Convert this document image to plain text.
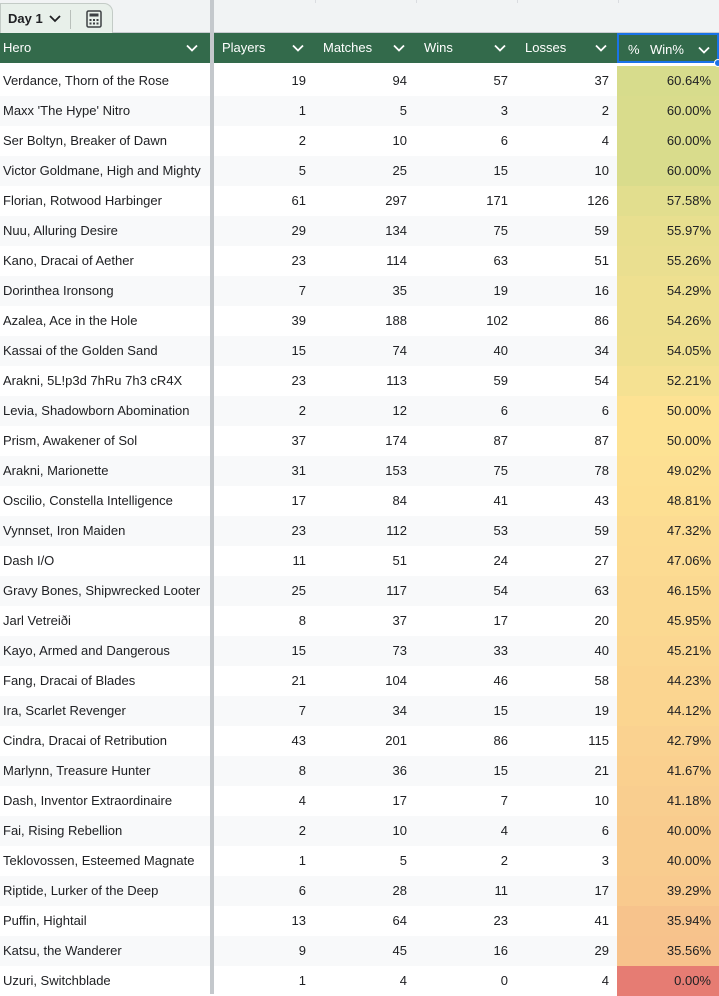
Day 1
Hero	Players	Matches	Wins	Losses	% Win%
Verdance, Thorn of the Rose	19	94	57	37	60.64%
Maxx 'The Hype' Nitro	1	5	3	2	60.00%
Ser Boltyn, Breaker of Dawn	2	10	6	4	60.00%
Victor Goldmane, High and Mighty	5	25	15	10	60.00%
Florian, Rotwood Harbinger	61	297	171	126	57.58%
Nuu, Alluring Desire	29	134	75	59	55.97%
Kano, Dracai of Aether	23	114	63	51	55.26%
Dorinthea Ironsong	7	35	19	16	54.29%
Azalea, Ace in the Hole	39	188	102	86	54.26%
Kassai of the Golden Sand	15	74	40	34	54.05%
Arakni, 5L!p3d 7hRu 7h3 cR4X	23	113	59	54	52.21%
Levia, Shadowborn Abomination	2	12	6	6	50.00%
Prism, Awakener of Sol	37	174	87	87	50.00%
Arakni, Marionette	31	153	75	78	49.02%
Oscilio, Constella Intelligence	17	84	41	43	48.81%
Vynnset, Iron Maiden	23	112	53	59	47.32%
Dash I/O	11	51	24	27	47.06%
Gravy Bones, Shipwrecked Looter	25	117	54	63	46.15%
Jarl Vetreiði	8	37	17	20	45.95%
Kayo, Armed and Dangerous	15	73	33	40	45.21%
Fang, Dracai of Blades	21	104	46	58	44.23%
Ira, Scarlet Revenger	7	34	15	19	44.12%
Cindra, Dracai of Retribution	43	201	86	115	42.79%
Marlynn, Treasure Hunter	8	36	15	21	41.67%
Dash, Inventor Extraordinaire	4	17	7	10	41.18%
Fai, Rising Rebellion	2	10	4	6	40.00%
Teklovossen, Esteemed Magnate	1	5	2	3	40.00%
Riptide, Lurker of the Deep	6	28	11	17	39.29%
Puffin, Hightail	13	64	23	41	35.94%
Katsu, the Wanderer	9	45	16	29	35.56%
Uzuri, Switchblade	1	4	0	4	0.00%
